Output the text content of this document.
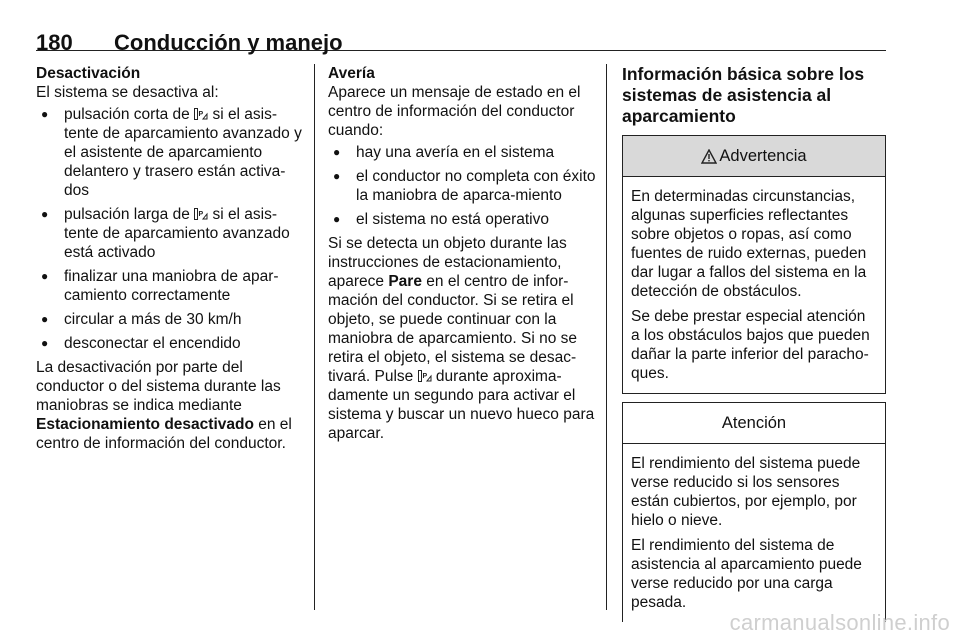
180 Conducción y manejo
Desactivación

El sistema se desactiva al:

● pulsación corta de P si el asis-tente de aparcamiento avanzado y el asistente de aparcamiento delantero y trasero están activa-dos
● pulsación larga de P si el asis-tente de aparcamiento avanzado está activado
● finalizar una maniobra de apar-camiento correctamente
● circular a más de 30 km/h
● desconectar el encendido

La desactivación por parte del conductor o del sistema durante las maniobras se indica mediante Estacionamiento desactivado en el centro de información del conductor.

Avería

Aparece un mensaje de estado en el centro de información del conductor cuando:

● hay una avería en el sistema
● el conductor no completa con éxito la maniobra de aparca-miento
● el sistema no está operativo

Si se detecta un objeto durante las instrucciones de estacionamiento, aparece Pare en el centro de infor-mación del conductor. Si se retira el objeto, se puede continuar con la maniobra de aparcamiento. Si no se retira el objeto, el sistema se desac-tivará. Pulse P durante aproxima-damente un segundo para activar el sistema y buscar un nuevo hueco para aparcar.

Información básica sobre los sistemas de asistencia al aparcamiento
Advertencia

En determinadas circunstancias, algunas superficies reflectantes sobre objetos o ropas, así como fuentes de ruido externas, pueden dar lugar a fallos del sistema en la detección de obstáculos.

Se debe prestar especial atención a los obstáculos bajos que pueden dañar la parte inferior del paracho-ques.

Atención

El rendimiento del sistema puede verse reducido si los sensores están cubiertos, por ejemplo, por hielo o nieve.

El rendimiento del sistema de asistencia al aparcamiento puede verse reducido por una carga pesada.

carmanualsonline.info
